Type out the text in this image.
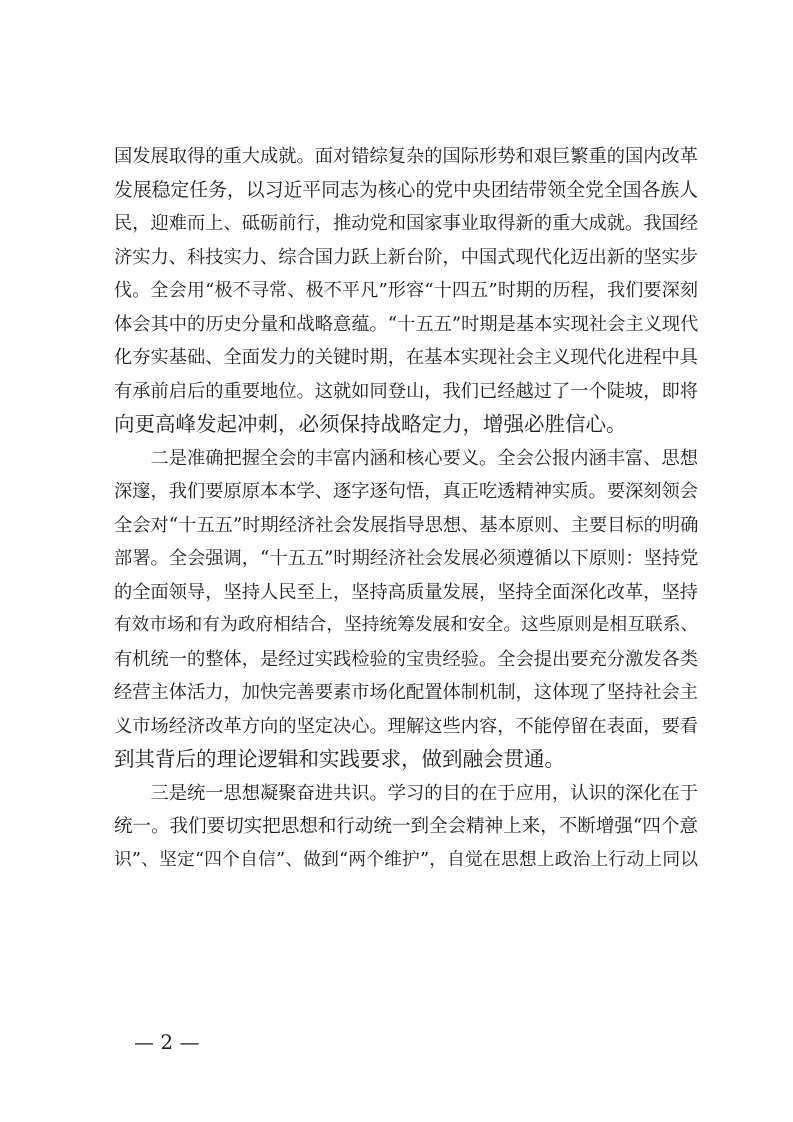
国发展取得的重大成就。面对错综复杂的国际形势和艰巨繁重的国内改革
发展稳定任务，以习近平同志为核心的党中央团结带领全党全国各族人
民，迎难而上、砥砺前行，推动党和国家事业取得新的重大成就。我国经
济实力、科技实力、综合国力跃上新台阶，中国式现代化迈出新的坚实步
伐。全会用“极不寻常、极不平凡”形容“十四五”时期的历程，我们要深刻
体会其中的历史分量和战略意蕴。“十五五”时期是基本实现社会主义现代
化夯实基础、全面发力的关键时期，在基本实现社会主义现代化进程中具
有承前启后的重要地位。这就如同登山，我们已经越过了一个陡坡，即将
向更高峰发起冲刺，必须保持战略定力，增强必胜信心。
　　二是准确把握全会的丰富内涵和核心要义。全会公报内涵丰富、思想
深邃，我们要原原本本学、逐字逐句悟，真正吃透精神实质。要深刻领会
全会对“十五五”时期经济社会发展指导思想、基本原则、主要目标的明确
部署。全会强调，“十五五”时期经济社会发展必须遵循以下原则：坚持党
的全面领导，坚持人民至上，坚持高质量发展，坚持全面深化改革，坚持
有效市场和有为政府相结合，坚持统筹发展和安全。这些原则是相互联系、
有机统一的整体，是经过实践检验的宝贵经验。全会提出要充分激发各类
经营主体活力，加快完善要素市场化配置体制机制，这体现了坚持社会主
义市场经济改革方向的坚定决心。理解这些内容，不能停留在表面，要看
到其背后的理论逻辑和实践要求，做到融会贯通。
　　三是统一思想凝聚奋进共识。学习的目的在于应用，认识的深化在于
统一。我们要切实把思想和行动统一到全会精神上来，不断增强“四个意
识”、坚定“四个自信”、做到“两个维护”，自觉在思想上政治上行动上同以
— 2 —
